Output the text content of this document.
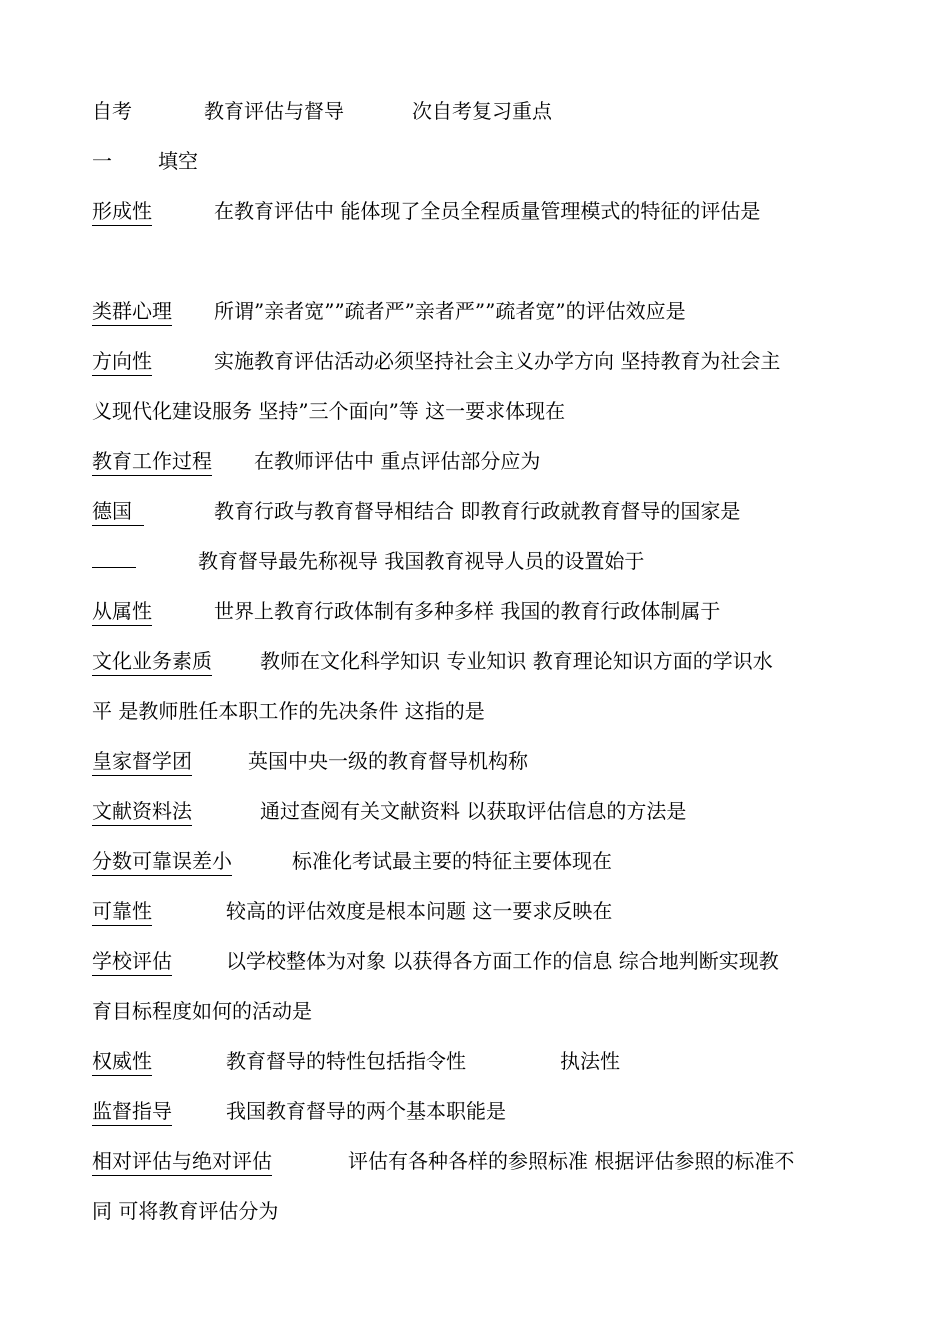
自考	教育评估与督导	次自考复习重点
一 填空
形成性	在教育评估中 能体现了全员全程质量管理模式的特征的评估是
类群心理 所谓”亲者宽””疏者严”亲者严””疏者宽”的评估效应是
方向性	实施教育评估活动必须坚持社会主义办学方向 坚持教育为社会主
义现代化建设服务 坚持”三个面向”等 这一要求体现在
教育工作过程 在教师评估中 重点评估部分应为
德国	教育行政与教育督导相结合 即教育行政就教育督导的国家是
教育督导最先称视导 我国教育视导人员的设置始于
从属性	世界上教育行政体制有多种多样 我国的教育行政体制属于
文化业务素质 教师在文化科学知识 专业知识 教育理论知识方面的学识水
平 是教师胜任本职工作的先决条件 这指的是
皇家督学团	英国中央一级的教育督导机构称
文献资料法	通过查阅有关文献资料 以获取评估信息的方法是
分数可靠误差小	标准化考试最主要的特征主要体现在
可靠性	较高的评估效度是根本问题 这一要求反映在
学校评估	以学校整体为对象 以获得各方面工作的信息 综合地判断实现教
育目标程度如何的活动是
权威性	教育督导的特性包括指令性	执法性
监督指导	我国教育督导的两个基本职能是
相对评估与绝对评估	评估有各种各样的参照标准 根据评估参照的标准不
同 可将教育评估分为
